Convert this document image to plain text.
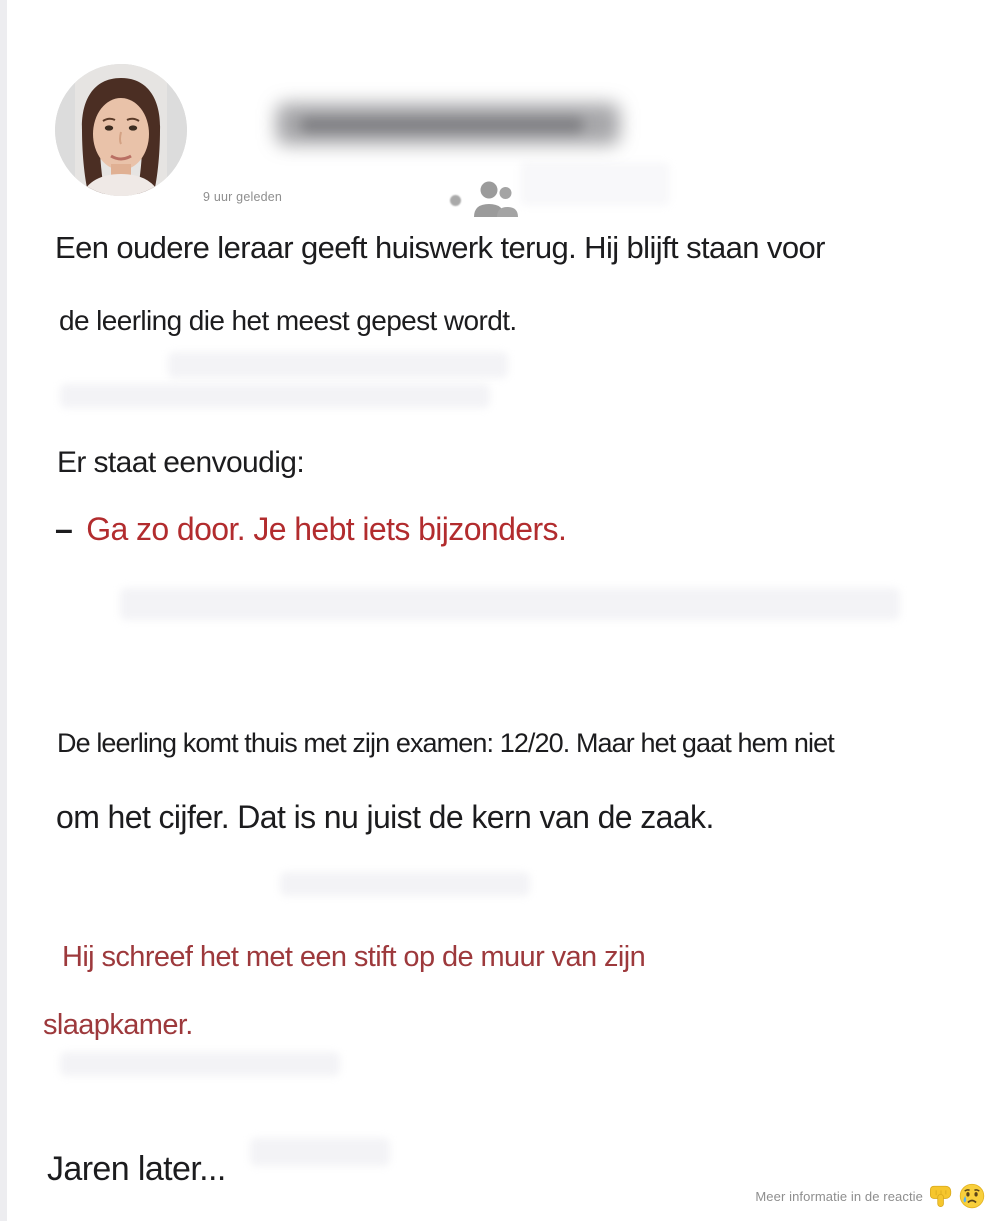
9 uur geleden
Een oudere leraar geeft huiswerk terug. Hij blijft staan voor
de leerling die het meest gepest wordt.
Er staat eenvoudig:
– Ga zo door. Je hebt iets bijzonders.
De leerling komt thuis met zijn examen: 12/20. Maar het gaat hem niet
om het cijfer. Dat is nu juist de kern van de zaak.
Hij schreef het met een stift op de muur van zijn
slaapkamer.
Jaren later...
Meer informatie in de reactie
